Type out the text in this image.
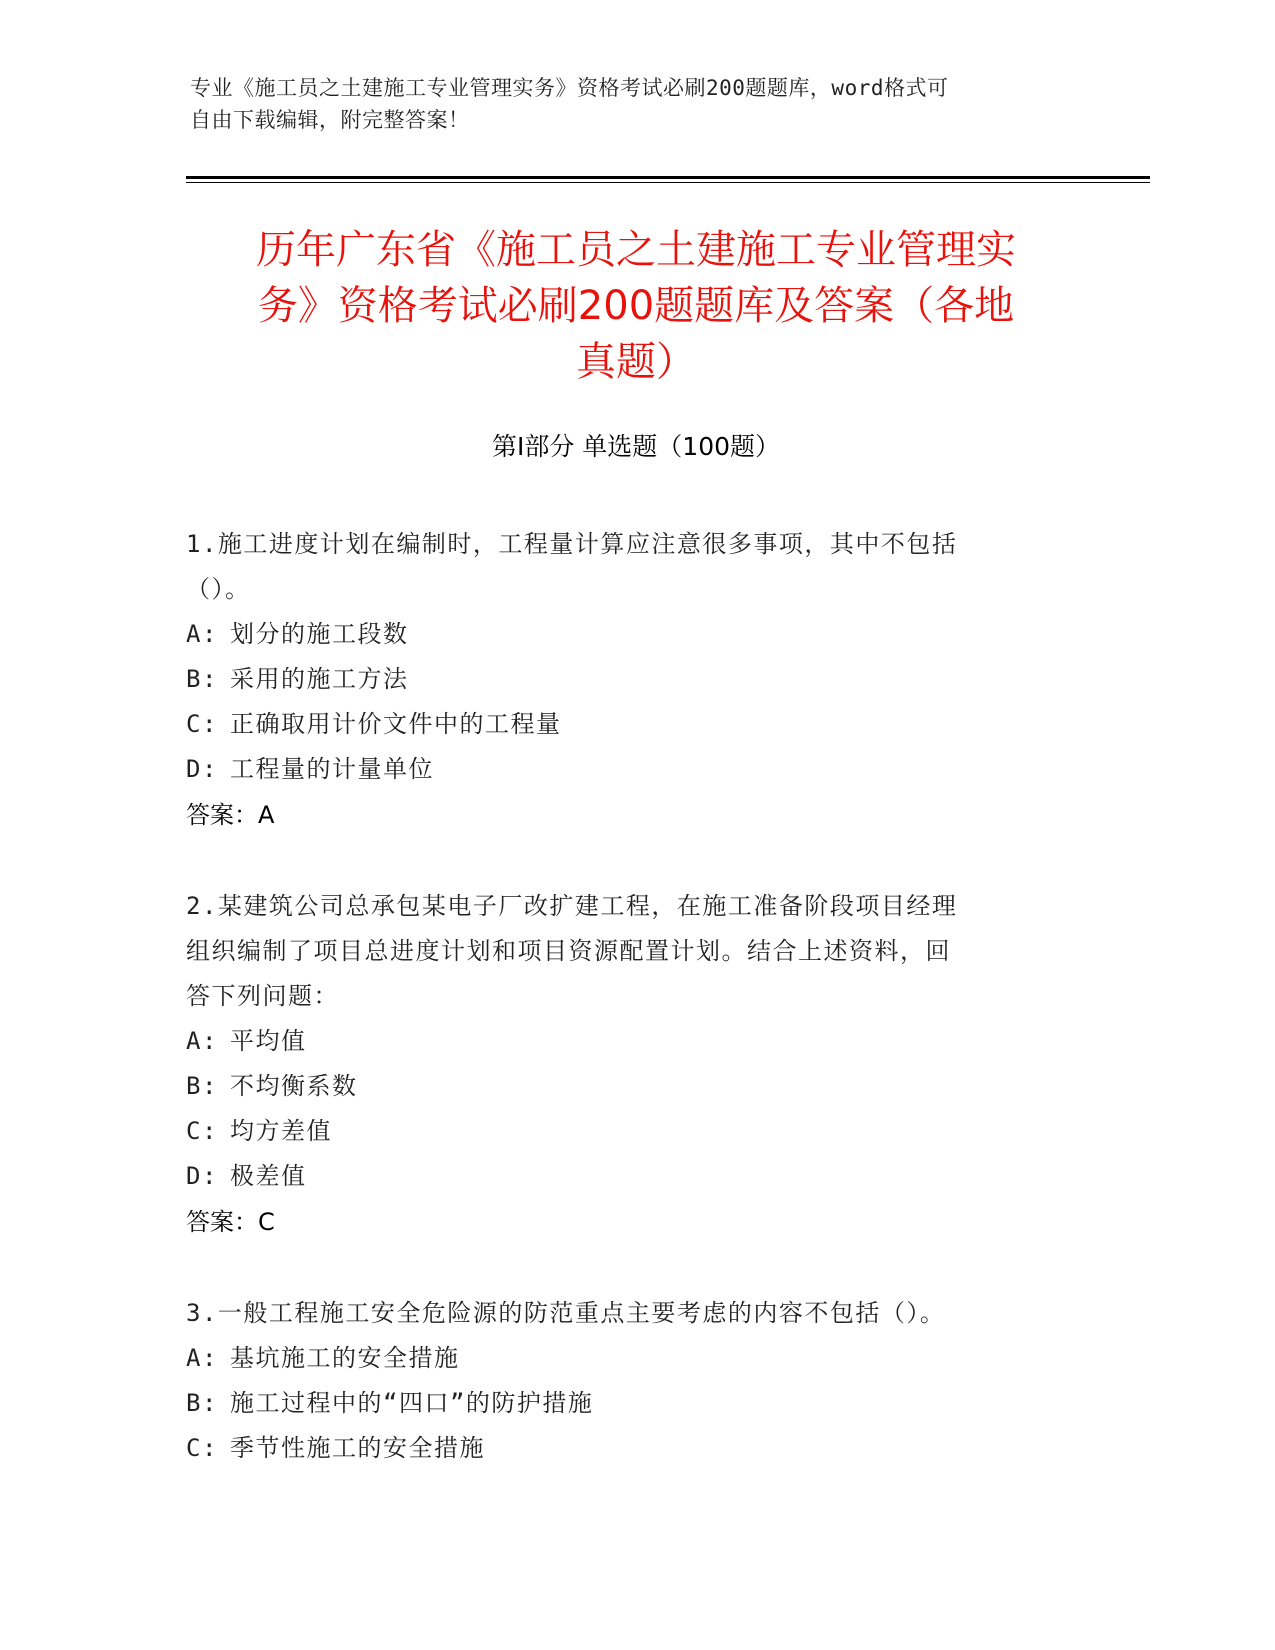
专业《施工员之土建施工专业管理实务》资格考试必刷200题题库，word格式可
自由下载编辑，附完整答案！
历年广东省《施工员之土建施工专业管理实
务》资格考试必刷200题题库及答案（各地
真题）
第Ⅰ部分 单选题（100题）
1.施工进度计划在编制时，工程量计算应注意很多事项，其中不包括
（）。
A: 划分的施工段数
B: 采用的施工方法
C: 正确取用计价文件中的工程量
D: 工程量的计量单位
答案：A
2.某建筑公司总承包某电子厂改扩建工程，在施工准备阶段项目经理
组织编制了项目总进度计划和项目资源配置计划。结合上述资料，回
答下列问题：
A: 平均值
B: 不均衡系数
C: 均方差值
D: 极差值
答案：C
3.一般工程施工安全危险源的防范重点主要考虑的内容不包括（）。
A: 基坑施工的安全措施
B: 施工过程中的“四口”的防护措施
C: 季节性施工的安全措施
